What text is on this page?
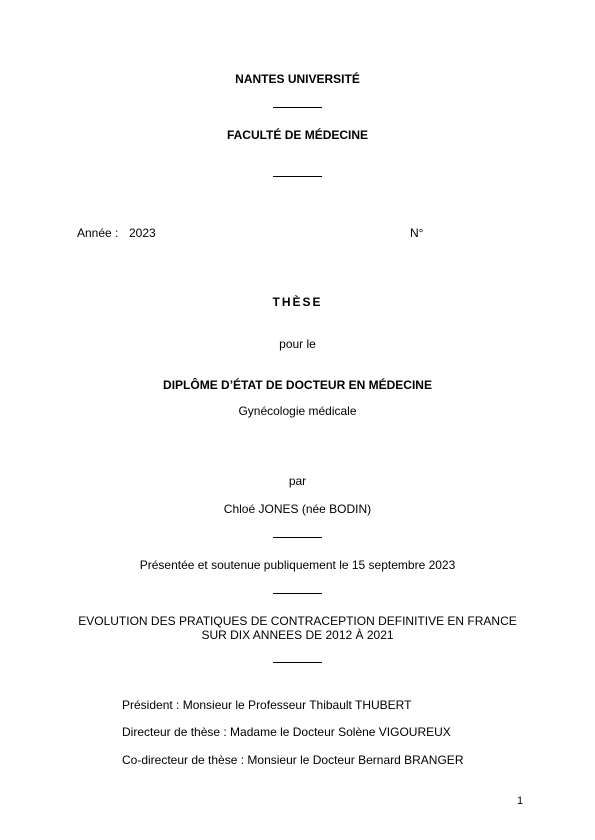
NANTES UNIVERSITÉ
FACULTÉ DE MÉDECINE
Année : 2023	N°
THÈSE
pour le
DIPLÔME D’ÉTAT DE DOCTEUR EN MÉDECINE
Gynécologie médicale
par
Chloé JONES (née BODIN)
Présentée et soutenue publiquement le 15 septembre 2023
EVOLUTION DES PRATIQUES DE CONTRACEPTION DEFINITIVE EN FRANCE
SUR DIX ANNEES DE 2012 À 2021
Président : Monsieur le Professeur Thibault THUBERT
Directeur de thèse : Madame le Docteur Solène VIGOUREUX
Co-directeur de thèse : Monsieur le Docteur Bernard BRANGER
1
